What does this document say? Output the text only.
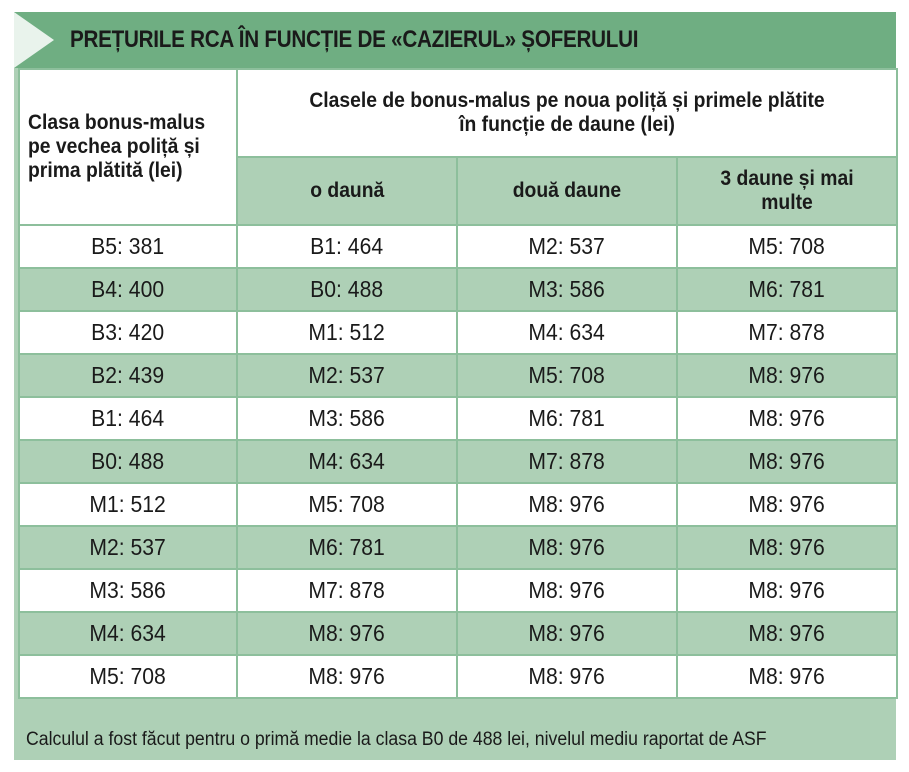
PREȚURILE RCA ÎN FUNCȚIE DE «CAZIERUL» ȘOFERULUI
Clasa bonus-malus pe vechea poliță și prima plătită (lei)	Clasele de bonus-malus pe noua poliță și primele plătite în funcție de daune (lei)		
	o daună	două daune	3 daune și mai multe
B5: 381	B1: 464	M2: 537	M5: 708
B4: 400	B0: 488	M3: 586	M6: 781
B3: 420	M1: 512	M4: 634	M7: 878
B2: 439	M2: 537	M5: 708	M8: 976
B1: 464	M3: 586	M6: 781	M8: 976
B0: 488	M4: 634	M7: 878	M8: 976
M1: 512	M5: 708	M8: 976	M8: 976
M2: 537	M6: 781	M8: 976	M8: 976
M3: 586	M7: 878	M8: 976	M8: 976
M4: 634	M8: 976	M8: 976	M8: 976
M5: 708	M8: 976	M8: 976	M8: 976
Calculul a fost făcut pentru o primă medie la clasa B0 de 488 lei, nivelul mediu raportat de ASF
